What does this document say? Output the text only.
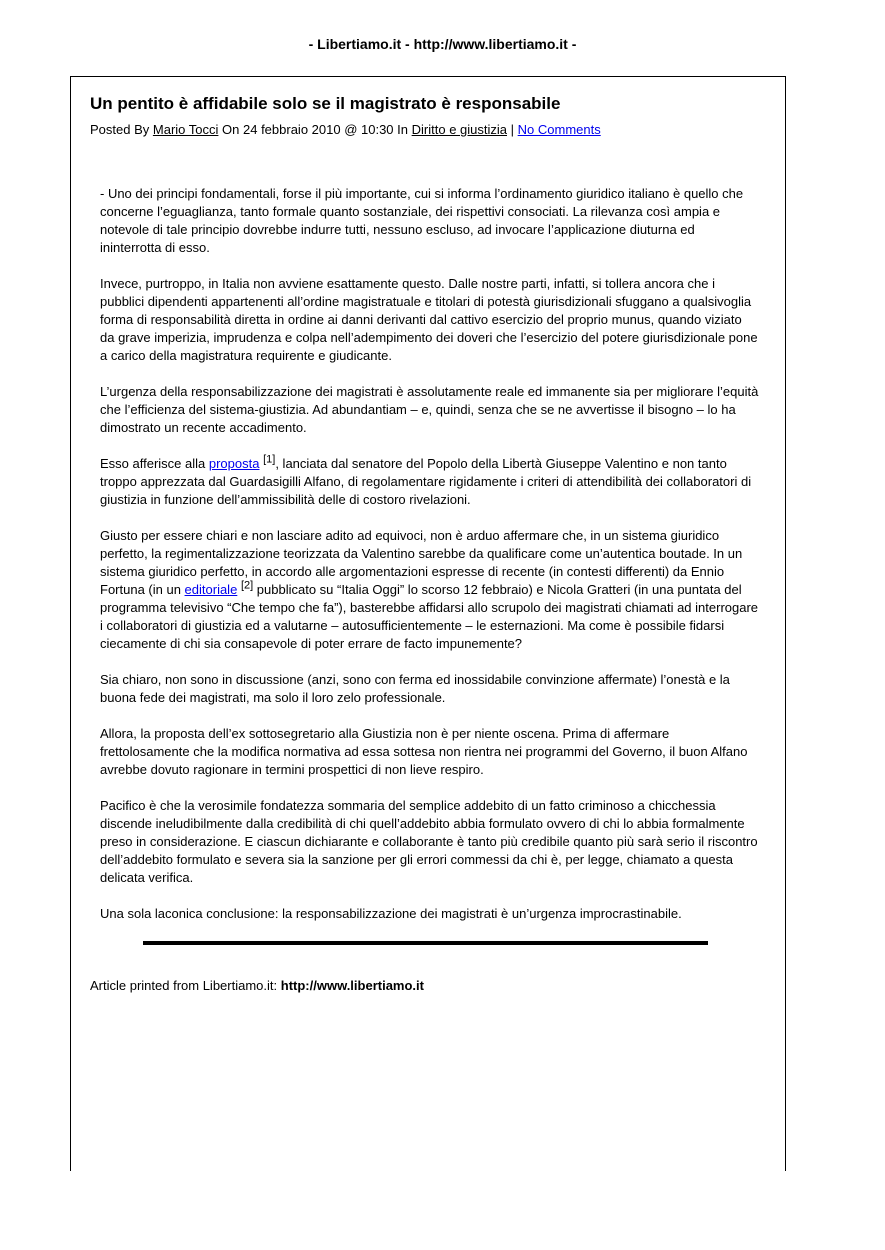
- Libertiamo.it - http://www.libertiamo.it -
Un pentito è affidabile solo se il magistrato è responsabile
Posted By Mario Tocci On 24 febbraio 2010 @ 10:30 In Diritto e giustizia | No Comments

- Uno dei principi fondamentali, forse il più importante, cui si informa l’ordinamento giuridico italiano è quello che concerne l’eguaglianza, tanto formale quanto sostanziale, dei rispettivi consociati. La rilevanza così ampia e notevole di tale principio dovrebbe indurre tutti, nessuno escluso, ad invocare l’applicazione diuturna ed ininterrotta di esso.

Invece, purtroppo, in Italia non avviene esattamente questo. Dalle nostre parti, infatti, si tollera ancora che i pubblici dipendenti appartenenti all’ordine magistratuale e titolari di potestà giurisdizionali sfuggano a qualsivoglia forma di responsabilità diretta in ordine ai danni derivanti dal cattivo esercizio del proprio munus, quando viziato da grave imperizia, imprudenza e colpa nell’adempimento dei doveri che l’esercizio del potere giurisdizionale pone a carico della magistratura requirente e giudicante.

L’urgenza della responsabilizzazione dei magistrati è assolutamente reale ed immanente sia per migliorare l’equità che l’efficienza del sistema-giustizia. Ad abundantiam – e, quindi, senza che se ne avvertisse il bisogno – lo ha dimostrato un recente accadimento.

Esso afferisce alla proposta [1], lanciata dal senatore del Popolo della Libertà Giuseppe Valentino e non tanto troppo apprezzata dal Guardasigilli Alfano, di regolamentare rigidamente i criteri di attendibilità dei collaboratori di giustizia in funzione dell’ammissibilità delle di costoro rivelazioni.

Giusto per essere chiari e non lasciare adito ad equivoci, non è arduo affermare che, in un sistema giuridico perfetto, la regimentalizzazione teorizzata da Valentino sarebbe da qualificare come un’autentica boutade. In un sistema giuridico perfetto, in accordo alle argomentazioni espresse di recente (in contesti differenti) da Ennio Fortuna (in un editoriale [2] pubblicato su “Italia Oggi” lo scorso 12 febbraio) e Nicola Gratteri (in una puntata del programma televisivo “Che tempo che fa”), basterebbe affidarsi allo scrupolo dei magistrati chiamati ad interrogare i collaboratori di giustizia ed a valutarne – autosufficientemente – le esternazioni. Ma come è possibile fidarsi ciecamente di chi sia consapevole di poter errare de facto impunemente?

Sia chiaro, non sono in discussione (anzi, sono con ferma ed inossidabile convinzione affermate) l’onestà e la buona fede dei magistrati, ma solo il loro zelo professionale.

Allora, la proposta dell’ex sottosegretario alla Giustizia non è per niente oscena. Prima di affermare frettolosamente che la modifica normativa ad essa sottesa non rientra nei programmi del Governo, il buon Alfano avrebbe dovuto ragionare in termini prospettici di non lieve respiro.

Pacifico è che la verosimile fondatezza sommaria del semplice addebito di un fatto criminoso a chicchessia discende ineludibilmente dalla credibilità di chi quell’addebito abbia formulato ovvero di chi lo abbia formalmente preso in considerazione. E ciascun dichiarante e collaborante è tanto più credibile quanto più sarà serio il riscontro dell’addebito formulato e severa sia la sanzione per gli errori commessi da chi è, per legge, chiamato a questa delicata verifica.

Una sola laconica conclusione: la responsabilizzazione dei magistrati è un’urgenza improcrastinabile.

Article printed from Libertiamo.it: http://www.libertiamo.it
